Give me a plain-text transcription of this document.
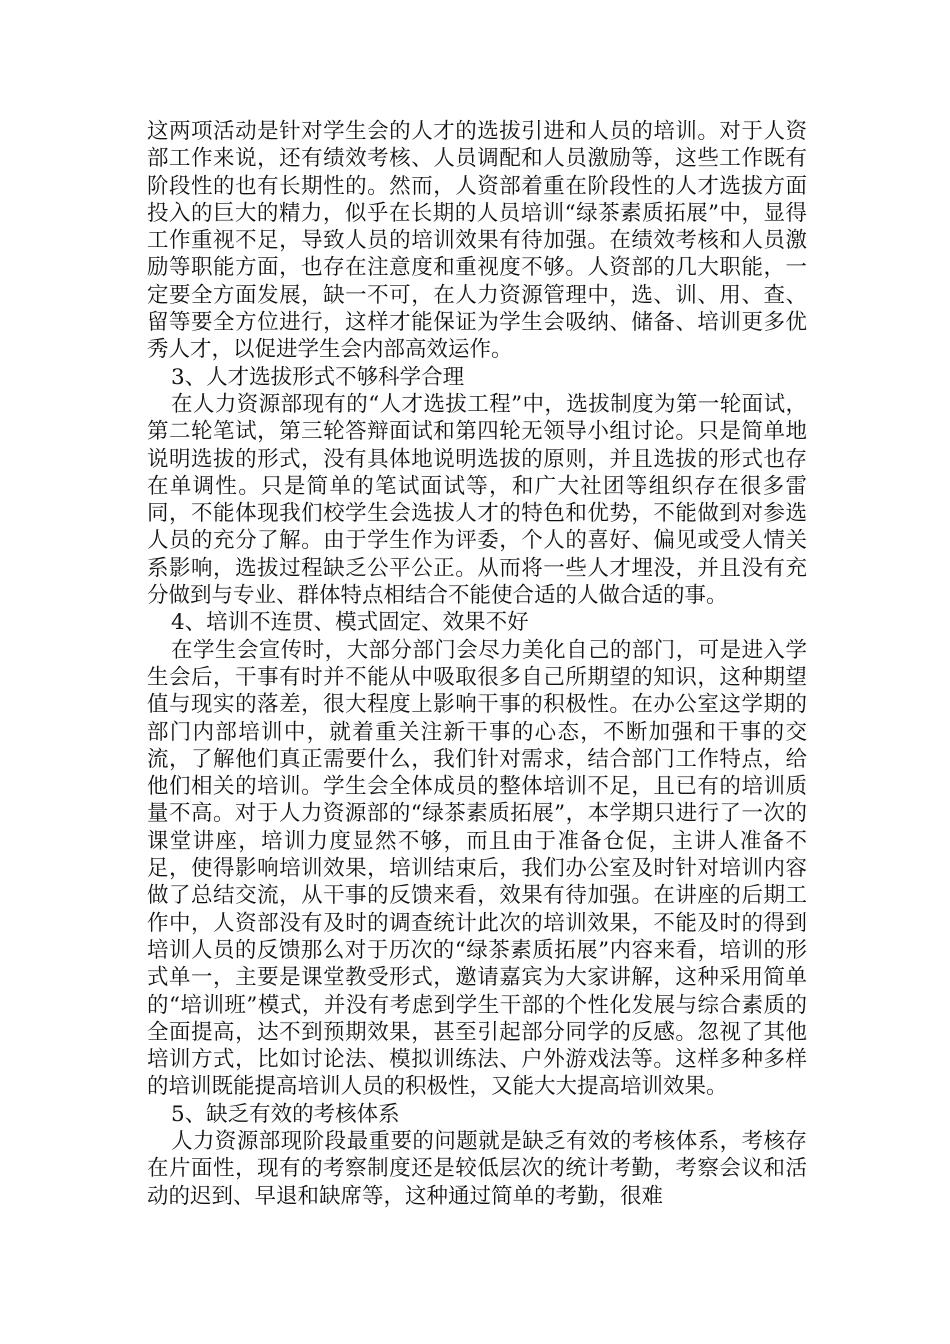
这两项活动是针对学生会的人才的选拔引进和人员的培训。对于人资部工作来说，还有绩效考核、人员调配和人员激励等，这些工作既有阶段性的也有长期性的。然而，人资部着重在阶段性的人才选拔方面投入的巨大的精力，似乎在长期的人员培训“绿茶素质拓展”中，显得工作重视不足，导致人员的培训效果有待加强。在绩效考核和人员激励等职能方面，也存在注意度和重视度不够。人资部的几大职能，一定要全方面发展，缺一不可，在人力资源管理中，选、训、用、查、留等要全方位进行，这样才能保证为学生会吸纳、储备、培训更多优秀人才，以促进学生会内部高效运作。

3、人才选拔形式不够科学合理

在人力资源部现有的“人才选拔工程”中，选拔制度为第一轮面试，第二轮笔试，第三轮答辩面试和第四轮无领导小组讨论。只是简单地说明选拔的形式，没有具体地说明选拔的原则，并且选拔的形式也存在单调性。只是简单的笔试面试等，和广大社团等组织存在很多雷同，不能体现我们校学生会选拔人才的特色和优势，不能做到对参选人员的充分了解。由于学生作为评委，个人的喜好、偏见或受人情关系影响，选拔过程缺乏公平公正。从而将一些人才埋没，并且没有充分做到与专业、群体特点相结合不能使合适的人做合适的事。

4、培训不连贯、模式固定、效果不好

在学生会宣传时，大部分部门会尽力美化自己的部门，可是进入学生会后，干事有时并不能从中吸取很多自己所期望的知识，这种期望值与现实的落差，很大程度上影响干事的积极性。在办公室这学期的部门内部培训中，就着重关注新干事的心态，不断加强和干事的交流，了解他们真正需要什么，我们针对需求，结合部门工作特点，给他们相关的培训。学生会全体成员的整体培训不足，且已有的培训质量不高。对于人力资源部的“绿茶素质拓展”，本学期只进行了一次的课堂讲座，培训力度显然不够，而且由于准备仓促，主讲人准备不足，使得影响培训效果，培训结束后，我们办公室及时针对培训内容做了总结交流，从干事的反馈来看，效果有待加强。在讲座的后期工作中，人资部没有及时的调查统计此次的培训效果，不能及时的得到培训人员的反馈那么对于历次的“绿茶素质拓展”内容来看，培训的形式单一，主要是课堂教受形式，邀请嘉宾为大家讲解，这种采用简单的“培训班”模式，并没有考虑到学生干部的个性化发展与综合素质的全面提高，达不到预期效果，甚至引起部分同学的反感。忽视了其他培训方式，比如讨论法、模拟训练法、户外游戏法等。这样多种多样的培训既能提高培训人员的积极性，又能大大提高培训效果。

5、缺乏有效的考核体系

人力资源部现阶段最重要的问题就是缺乏有效的考核体系，考核存在片面性，现有的考察制度还是较低层次的统计考勤，考察会议和活动的迟到、早退和缺席等，这种通过简单的考勤，很难
